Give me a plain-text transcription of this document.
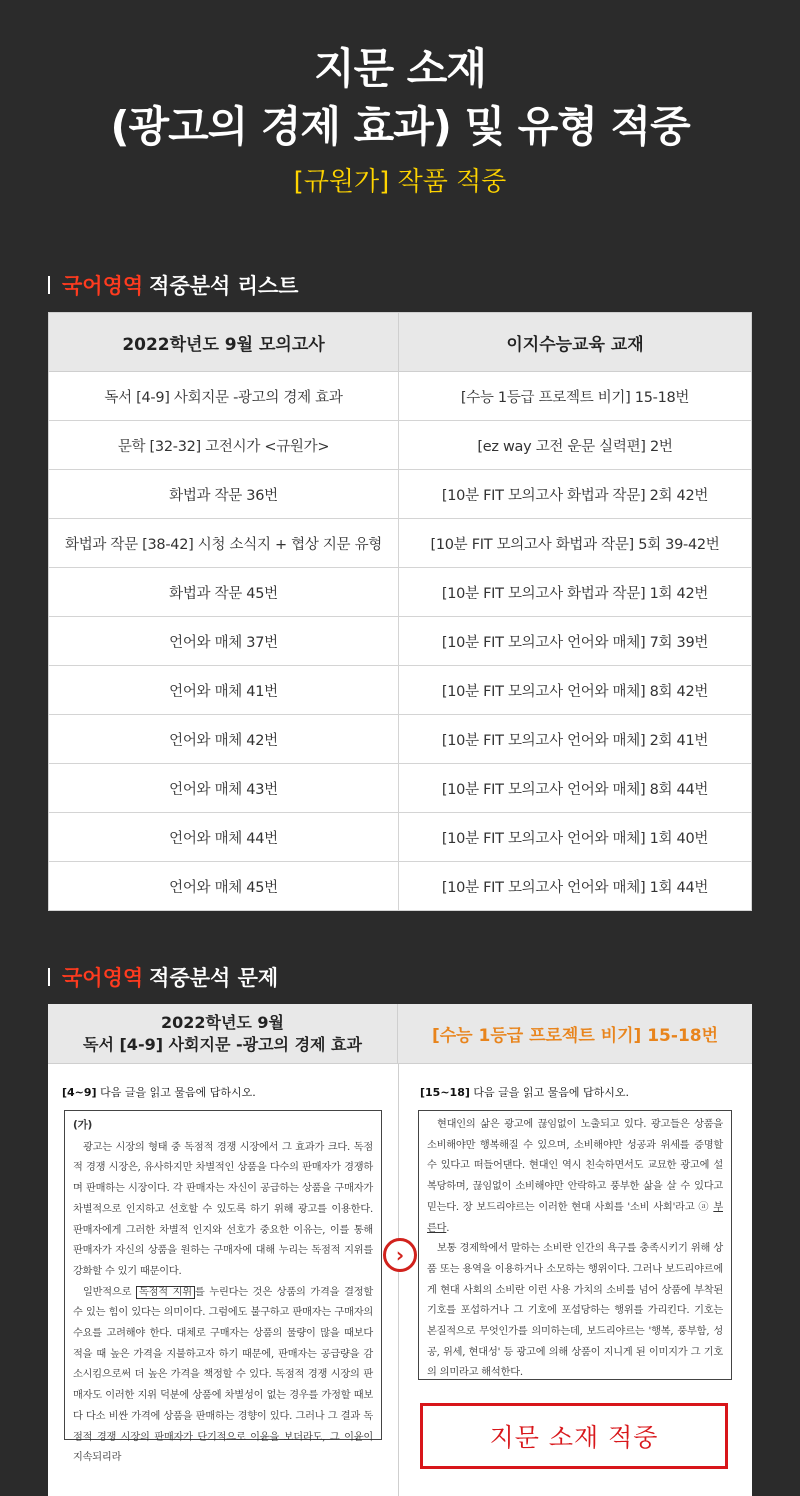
지문 소재
(광고의 경제 효과) 및 유형 적중
[규원가] 작품 적중
국어영역 적중분석 리스트
2022학년도 9월 모의고사	이지수능교육 교재
독서 [4-9] 사회지문 -광고의 경제 효과	[수능 1등급 프로젝트 비기] 15-18번
문학 [32-32] 고전시가 <규원가>	[ez way 고전 운문 실력편] 2번
화법과 작문 36번	[10분 FIT 모의고사 화법과 작문] 2회 42번
화법과 작문 [38-42] 시청 소식지 + 협상 지문 유형	[10분 FIT 모의고사 화법과 작문] 5회 39-42번
화법과 작문 45번	[10분 FIT 모의고사 화법과 작문] 1회 42번
언어와 매체 37번	[10분 FIT 모의고사 언어와 매체] 7회 39번
언어와 매체 41번	[10분 FIT 모의고사 언어와 매체] 8회 42번
언어와 매체 42번	[10분 FIT 모의고사 언어와 매체] 2회 41번
언어와 매체 43번	[10분 FIT 모의고사 언어와 매체] 8회 44번
언어와 매체 44번	[10분 FIT 모의고사 언어와 매체] 1회 40번
언어와 매체 45번	[10분 FIT 모의고사 언어와 매체] 1회 44번
국어영역 적중분석 문제
2022학년도 9월
독서 [4-9] 사회지문 -광고의 경제 효과	[수능 1등급 프로젝트 비기] 15-18번
[4~9] 다음 글을 읽고 물음에 답하시오.
(가)

광고는 시장의 형태 중 독점적 경쟁 시장에서 그 효과가 크다. 독점적 경쟁 시장은, 유사하지만 차별적인 상품을 다수의 판매자가 경쟁하며 판매하는 시장이다. 각 판매자는 자신이 공급하는 상품을 구매자가 차별적으로 인지하고 선호할 수 있도록 하기 위해 광고를 이용한다. 판매자에게 그러한 차별적 인지와 선호가 중요한 이유는, 이를 통해 판매자가 자신의 상품을 원하는 구매자에 대해 누리는 독점적 지위를 강화할 수 있기 때문이다.

일반적으로 독점적 지위 를 누린다는 것은 상품의 가격을 결정할 수 있는 힘이 있다는 의미이다. 그럼에도 불구하고 판매자는 구매자의 수요를 고려해야 한다. 대체로 구매자는 상품의 물량이 많을 때보다 적을 때 높은 가격을 지불하고자 하기 때문에, 판매자는 공급량을 감소시킴으로써 더 높은 가격을 책정할 수 있다. 독점적 경쟁 시장의 판매자도 이러한 지위 덕분에 상품에 차별성이 없는 경우를 가정할 때보다 다소 비싼 가격에 상품을 판매하는 경향이 있다. 그러나 그 결과 독점적 경쟁 시장의 판매자가 단기적으로 이윤을 보더라도, 그 이윤이 지속되리라

[15~18] 다음 글을 읽고 물음에 답하시오.

현대인의 삶은 광고에 끊임없이 노출되고 있다. 광고들은 상품을 소비해야만 행복해질 수 있으며, 소비해야만 성공과 위세를 증명할 수 있다고 떠들어댄다. 현대인 역시 친숙하면서도 교묘한 광고에 설복당하며, 끊임없이 소비해야만 안락하고 풍부한 삶을 살 수 있다고 믿는다. 장 보드리야르는 이러한 현대 사회를 '소비 사회'라고 ⓐ 부른다.

보통 경제학에서 말하는 소비란 인간의 욕구를 충족시키기 위해 상품 또는 용역을 이용하거나 소모하는 행위이다. 그러나 보드리야르에게 현대 사회의 소비란 이런 사용 가치의 소비를 넘어 상품에 부착된 기호를 포섭하거나 그 기호에 포섭당하는 행위를 가리킨다. 기호는 본질적으로 무엇인가를 의미하는데, 보드리야르는 '행복, 풍부함, 성공, 위세, 현대성' 등 광고에 의해 상품이 지니게 된 이미지가 그 기호의 의미라고 해석한다.

›
지문 소재 적중
